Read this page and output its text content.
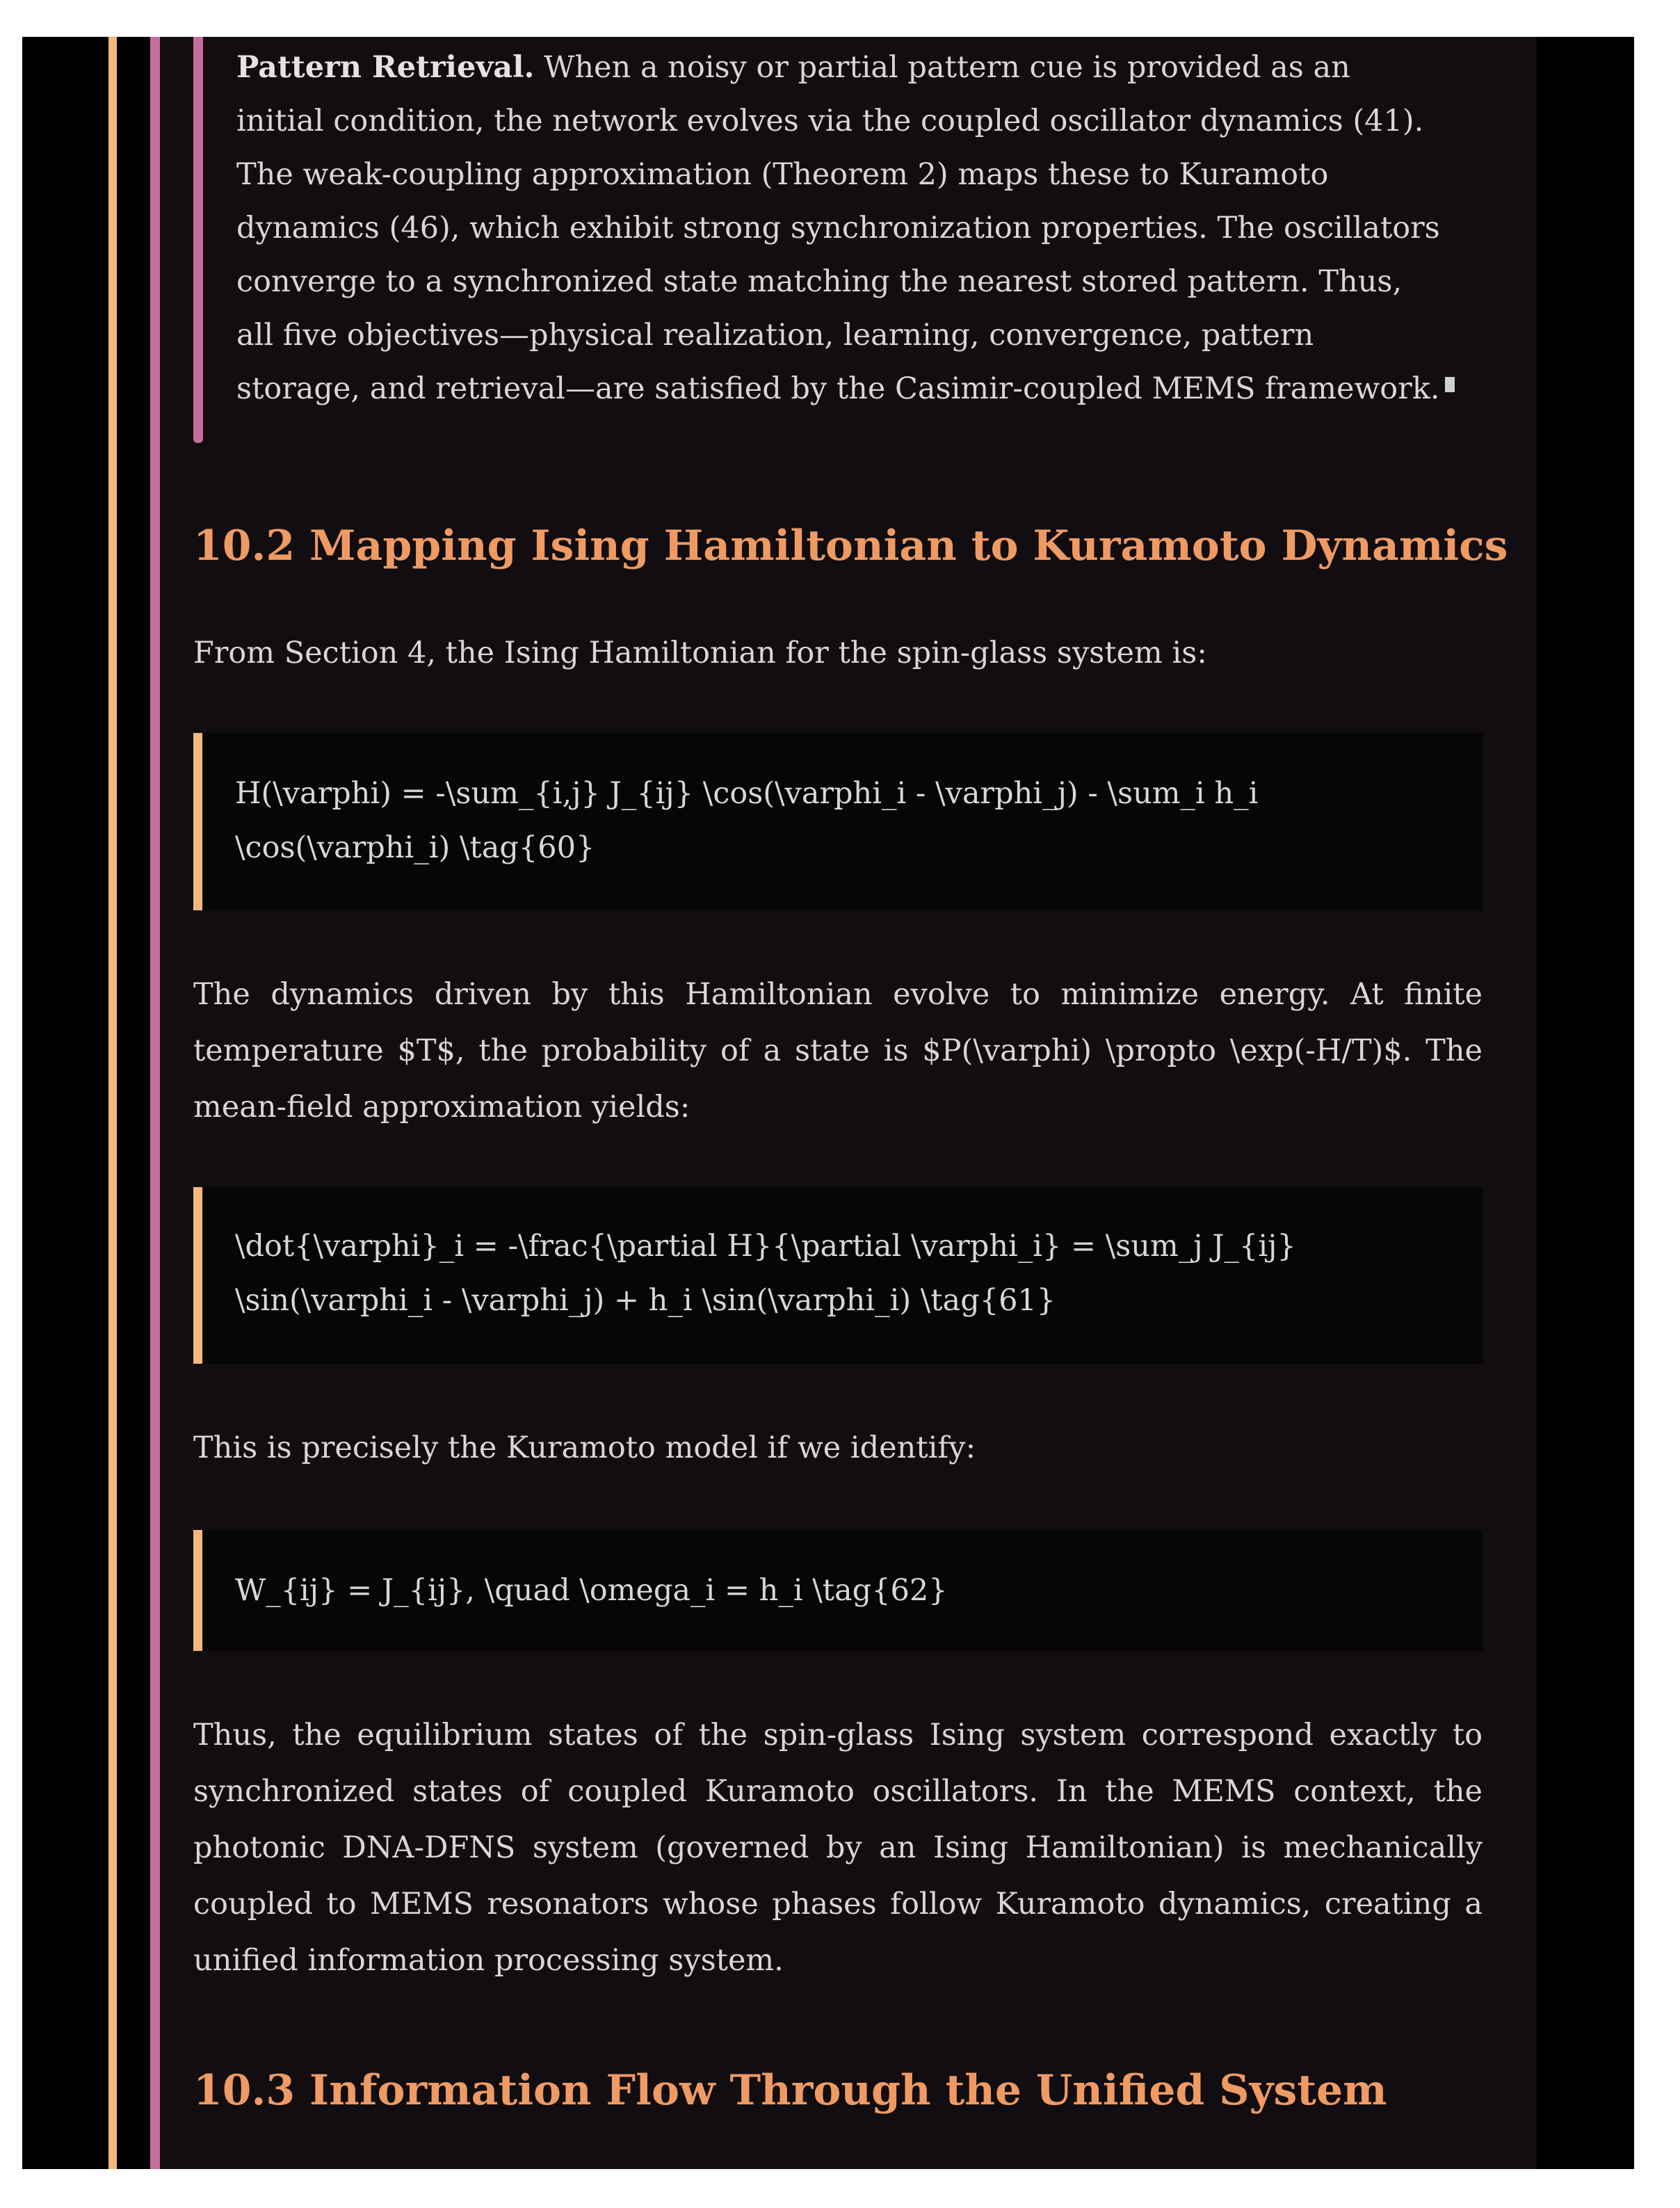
Pattern Retrieval. When a noisy or partial pattern cue is provided as an initial condition, the network evolves via the coupled oscillator dynamics (41). The weak-coupling approximation (Theorem 2) maps these to Kuramoto dynamics (46), which exhibit strong synchronization properties. The oscillators converge to a synchronized state matching the nearest stored pattern. Thus, all five objectives—physical realization, learning, convergence, pattern storage, and retrieval—are satisfied by the Casimir-coupled MEMS framework.
10.2 Mapping Ising Hamiltonian to Kuramoto Dynamics
From Section 4, the Ising Hamiltonian for the spin-glass system is:
H(\varphi) = -\sum_{i,j} J_{ij} \cos(\varphi_i - \varphi_j) - \sum_i h_i \cos(\varphi_i) \tag{60}
The dynamics driven by this Hamiltonian evolve to minimize energy. At finite temperature $T$, the probability of a state is $P(\varphi) \propto \exp(-H/T)$. The mean-field approximation yields:
\dot{\varphi}_i = -\frac{\partial H}{\partial \varphi_i} = \sum_j J_{ij} \sin(\varphi_i - \varphi_j) + h_i \sin(\varphi_i) \tag{61}
This is precisely the Kuramoto model if we identify:
W_{ij} = J_{ij}, \quad \omega_i = h_i \tag{62}
Thus, the equilibrium states of the spin-glass Ising system correspond exactly to synchronized states of coupled Kuramoto oscillators. In the MEMS context, the photonic DNA-DFNS system (governed by an Ising Hamiltonian) is mechanically coupled to MEMS resonators whose phases follow Kuramoto dynamics, creating a unified information processing system.
10.3 Information Flow Through the Unified System
